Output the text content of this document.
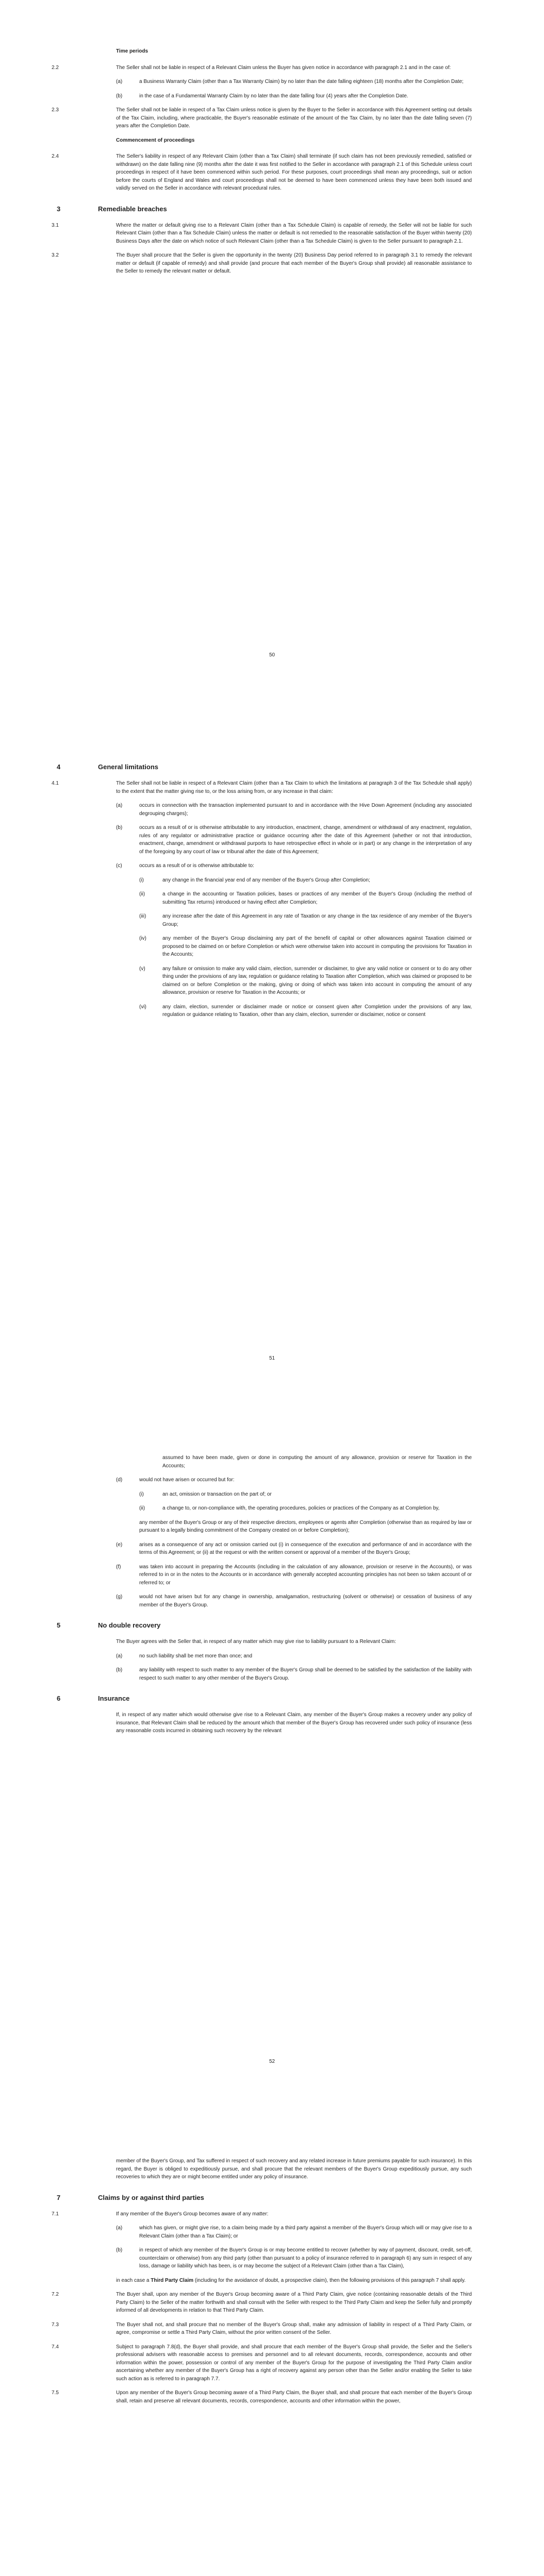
Time periods
2.2	The Seller shall not be liable in respect of a Relevant Claim unless the Buyer has given notice in accordance with paragraph 2.1 and in the case of:
(a)	a Business Warranty Claim (other than a Tax Warranty Claim) by no later than the date falling eighteen (18) months after the Completion Date;
(b)	in the case of a Fundamental Warranty Claim by no later than the date falling four (4) years after the Completion Date.
2.3	The Seller shall not be liable in respect of a Tax Claim unless notice is given by the Buyer to the Seller in accordance with this Agreement setting out details of the Tax Claim, including, where practicable, the Buyer's reasonable estimate of the amount of the Tax Claim, by no later than the date falling seven (7) years after the Completion Date.
Commencement of proceedings
2.4	The Seller's liability in respect of any Relevant Claim (other than a Tax Claim) shall terminate (if such claim has not been previously remedied, satisfied or withdrawn) on the date falling nine (9) months after the date it was first notified to the Seller in accordance with paragraph 2.1 of this Schedule unless court proceedings in respect of it have been commenced within such period. For these purposes, court proceedings shall mean any proceedings, suit or action before the courts of England and Wales and court proceedings shall not be deemed to have been commenced unless they have been both issued and validly served on the Seller in accordance with relevant procedural rules.
3	Remediable breaches
3.1	Where the matter or default giving rise to a Relevant Claim (other than a Tax Schedule Claim) is capable of remedy, the Seller will not be liable for such Relevant Claim (other than a Tax Schedule Claim) unless the matter or default is not remedied to the reasonable satisfaction of the Buyer within twenty (20) Business Days after the date on which notice of such Relevant Claim (other than a Tax Schedule Claim) is given to the Seller pursuant to paragraph 2.1.
3.2	The Buyer shall procure that the Seller is given the opportunity in the twenty (20) Business Day period referred to in paragraph 3.1 to remedy the relevant matter or default (if capable of remedy) and shall provide (and procure that each member of the Buyer's Group shall provide) all reasonable assistance to the Seller to remedy the relevant matter or default.
50
4	General limitations
4.1	The Seller shall not be liable in respect of a Relevant Claim (other than a Tax Claim to which the limitations at paragraph 3 of the Tax Schedule shall apply) to the extent that the matter giving rise to, or the loss arising from, or any increase in that claim:
(a)	occurs in connection with the transaction implemented pursuant to and in accordance with the Hive Down Agreement (including any associated degrouping charges);
(b)	occurs as a result of or is otherwise attributable to any introduction, enactment, change, amendment or withdrawal of any enactment, regulation, rules of any regulator or administrative practice or guidance occurring after the date of this Agreement (whether or not that introduction, enactment, change, amendment or withdrawal purports to have retrospective effect in whole or in part) or any change in the interpretation of any of the foregoing by any court of law or tribunal after the date of this Agreement;
(c)	occurs as a result of or is otherwise attributable to:
(i)	any change in the financial year end of any member of the Buyer's Group after Completion;
(ii)	a change in the accounting or Taxation policies, bases or practices of any member of the Buyer's Group (including the method of submitting Tax returns) introduced or having effect after Completion;
(iii)	any increase after the date of this Agreement in any rate of Taxation or any change in the tax residence of any member of the Buyer's Group;
(iv)	any member of the Buyer's Group disclaiming any part of the benefit of capital or other allowances against Taxation claimed or proposed to be claimed on or before Completion or which were otherwise taken into account in computing the provisions for Taxation in the Accounts;
(v)	any failure or omission to make any valid claim, election, surrender or disclaimer, to give any valid notice or consent or to do any other thing under the provisions of any law, regulation or guidance relating to Taxation after Completion, which was claimed or proposed to be claimed on or before Completion or the making, giving or doing of which was taken into account in computing the amount of any allowance, provision or reserve for Taxation in the Accounts; or
(vi)	any claim, election, surrender or disclaimer made or notice or consent given after Completion under the provisions of any law, regulation or guidance relating to Taxation, other than any claim, election, surrender or disclaimer, notice or consent
51
assumed to have been made, given or done in computing the amount of any allowance, provision or reserve for Taxation in the Accounts;
(d)	would not have arisen or occurred but for:
(i)	an act, omission or transaction on the part of; or
(ii)	a change to, or non-compliance with, the operating procedures, policies or practices of the Company as at Completion by,
any member of the Buyer's Group or any of their respective directors, employees or agents after Completion (otherwise than as required by law or pursuant to a legally binding commitment of the Company created on or before Completion);
(e)	arises as a consequence of any act or omission carried out (i) in consequence of the execution and performance of and in accordance with the terms of this Agreement; or (ii) at the request or with the written consent or approval of a member of the Buyer's Group;
(f)	was taken into account in preparing the Accounts (including in the calculation of any allowance, provision or reserve in the Accounts), or was referred to in or in the notes to the Accounts or in accordance with generally accepted accounting principles has not been so taken account of or referred to; or
(g)	would not have arisen but for any change in ownership, amalgamation, restructuring (solvent or otherwise) or cessation of business of any member of the Buyer's Group.
5	No double recovery
The Buyer agrees with the Seller that, in respect of any matter which may give rise to liability pursuant to a Relevant Claim:
(a)	no such liability shall be met more than once; and
(b)	any liability with respect to such matter to any member of the Buyer's Group shall be deemed to be satisfied by the satisfaction of the liability with respect to such matter to any other member of the Buyer's Group.
6	Insurance
If, in respect of any matter which would otherwise give rise to a Relevant Claim, any member of the Buyer's Group makes a recovery under any policy of insurance, that Relevant Claim shall be reduced by the amount which that member of the Buyer's Group has recovered under such policy of insurance (less any reasonable costs incurred in obtaining such recovery by the relevant
52
member of the Buyer's Group, and Tax suffered in respect of such recovery and any related increase in future premiums payable for such insurance). In this regard, the Buyer is obliged to expeditiously pursue, and shall procure that the relevant members of the Buyer's Group expeditiously pursue, any such recoveries to which they are or might become entitled under any policy of insurance.
7	Claims by or against third parties
7.1	If any member of the Buyer's Group becomes aware of any matter:
(a)	which has given, or might give rise, to a claim being made by a third party against a member of the Buyer's Group which will or may give rise to a Relevant Claim (other than a Tax Claim); or
(b)	in respect of which any member of the Buyer's Group is or may become entitled to recover (whether by way of payment, discount, credit, set-off, counterclaim or otherwise) from any third party (other than pursuant to a policy of insurance referred to in paragraph 6) any sum in respect of any loss, damage or liability which has been, is or may become the subject of a Relevant Claim (other than a Tax Claim),
in each case a Third Party Claim (including for the avoidance of doubt, a prospective claim), then the following provisions of this paragraph 7 shall apply.
7.2	The Buyer shall, upon any member of the Buyer's Group becoming aware of a Third Party Claim, give notice (containing reasonable details of the Third Party Claim) to the Seller of the matter forthwith and shall consult with the Seller with respect to the Third Party Claim and keep the Seller fully and promptly informed of all developments in relation to that Third Party Claim.
7.3	The Buyer shall not, and shall procure that no member of the Buyer's Group shall, make any admission of liability in respect of a Third Party Claim, or agree, compromise or settle a Third Party Claim, without the prior written consent of the Seller.
7.4	Subject to paragraph 7.8(d), the Buyer shall provide, and shall procure that each member of the Buyer's Group shall provide, the Seller and the Seller's professional advisers with reasonable access to premises and personnel and to all relevant documents, records, correspondence, accounts and other information within the power, possession or control of any member of the Buyer's Group for the purpose of investigating the Third Party Claim and/or ascertaining whether any member of the Buyer's Group has a right of recovery against any person other than the Seller and/or enabling the Seller to take such action as is referred to in paragraph 7.7.
7.5	Upon any member of the Buyer's Group becoming aware of a Third Party Claim, the Buyer shall, and shall procure that each member of the Buyer's Group shall, retain and preserve all relevant documents, records, correspondence, accounts and other information within the power,
